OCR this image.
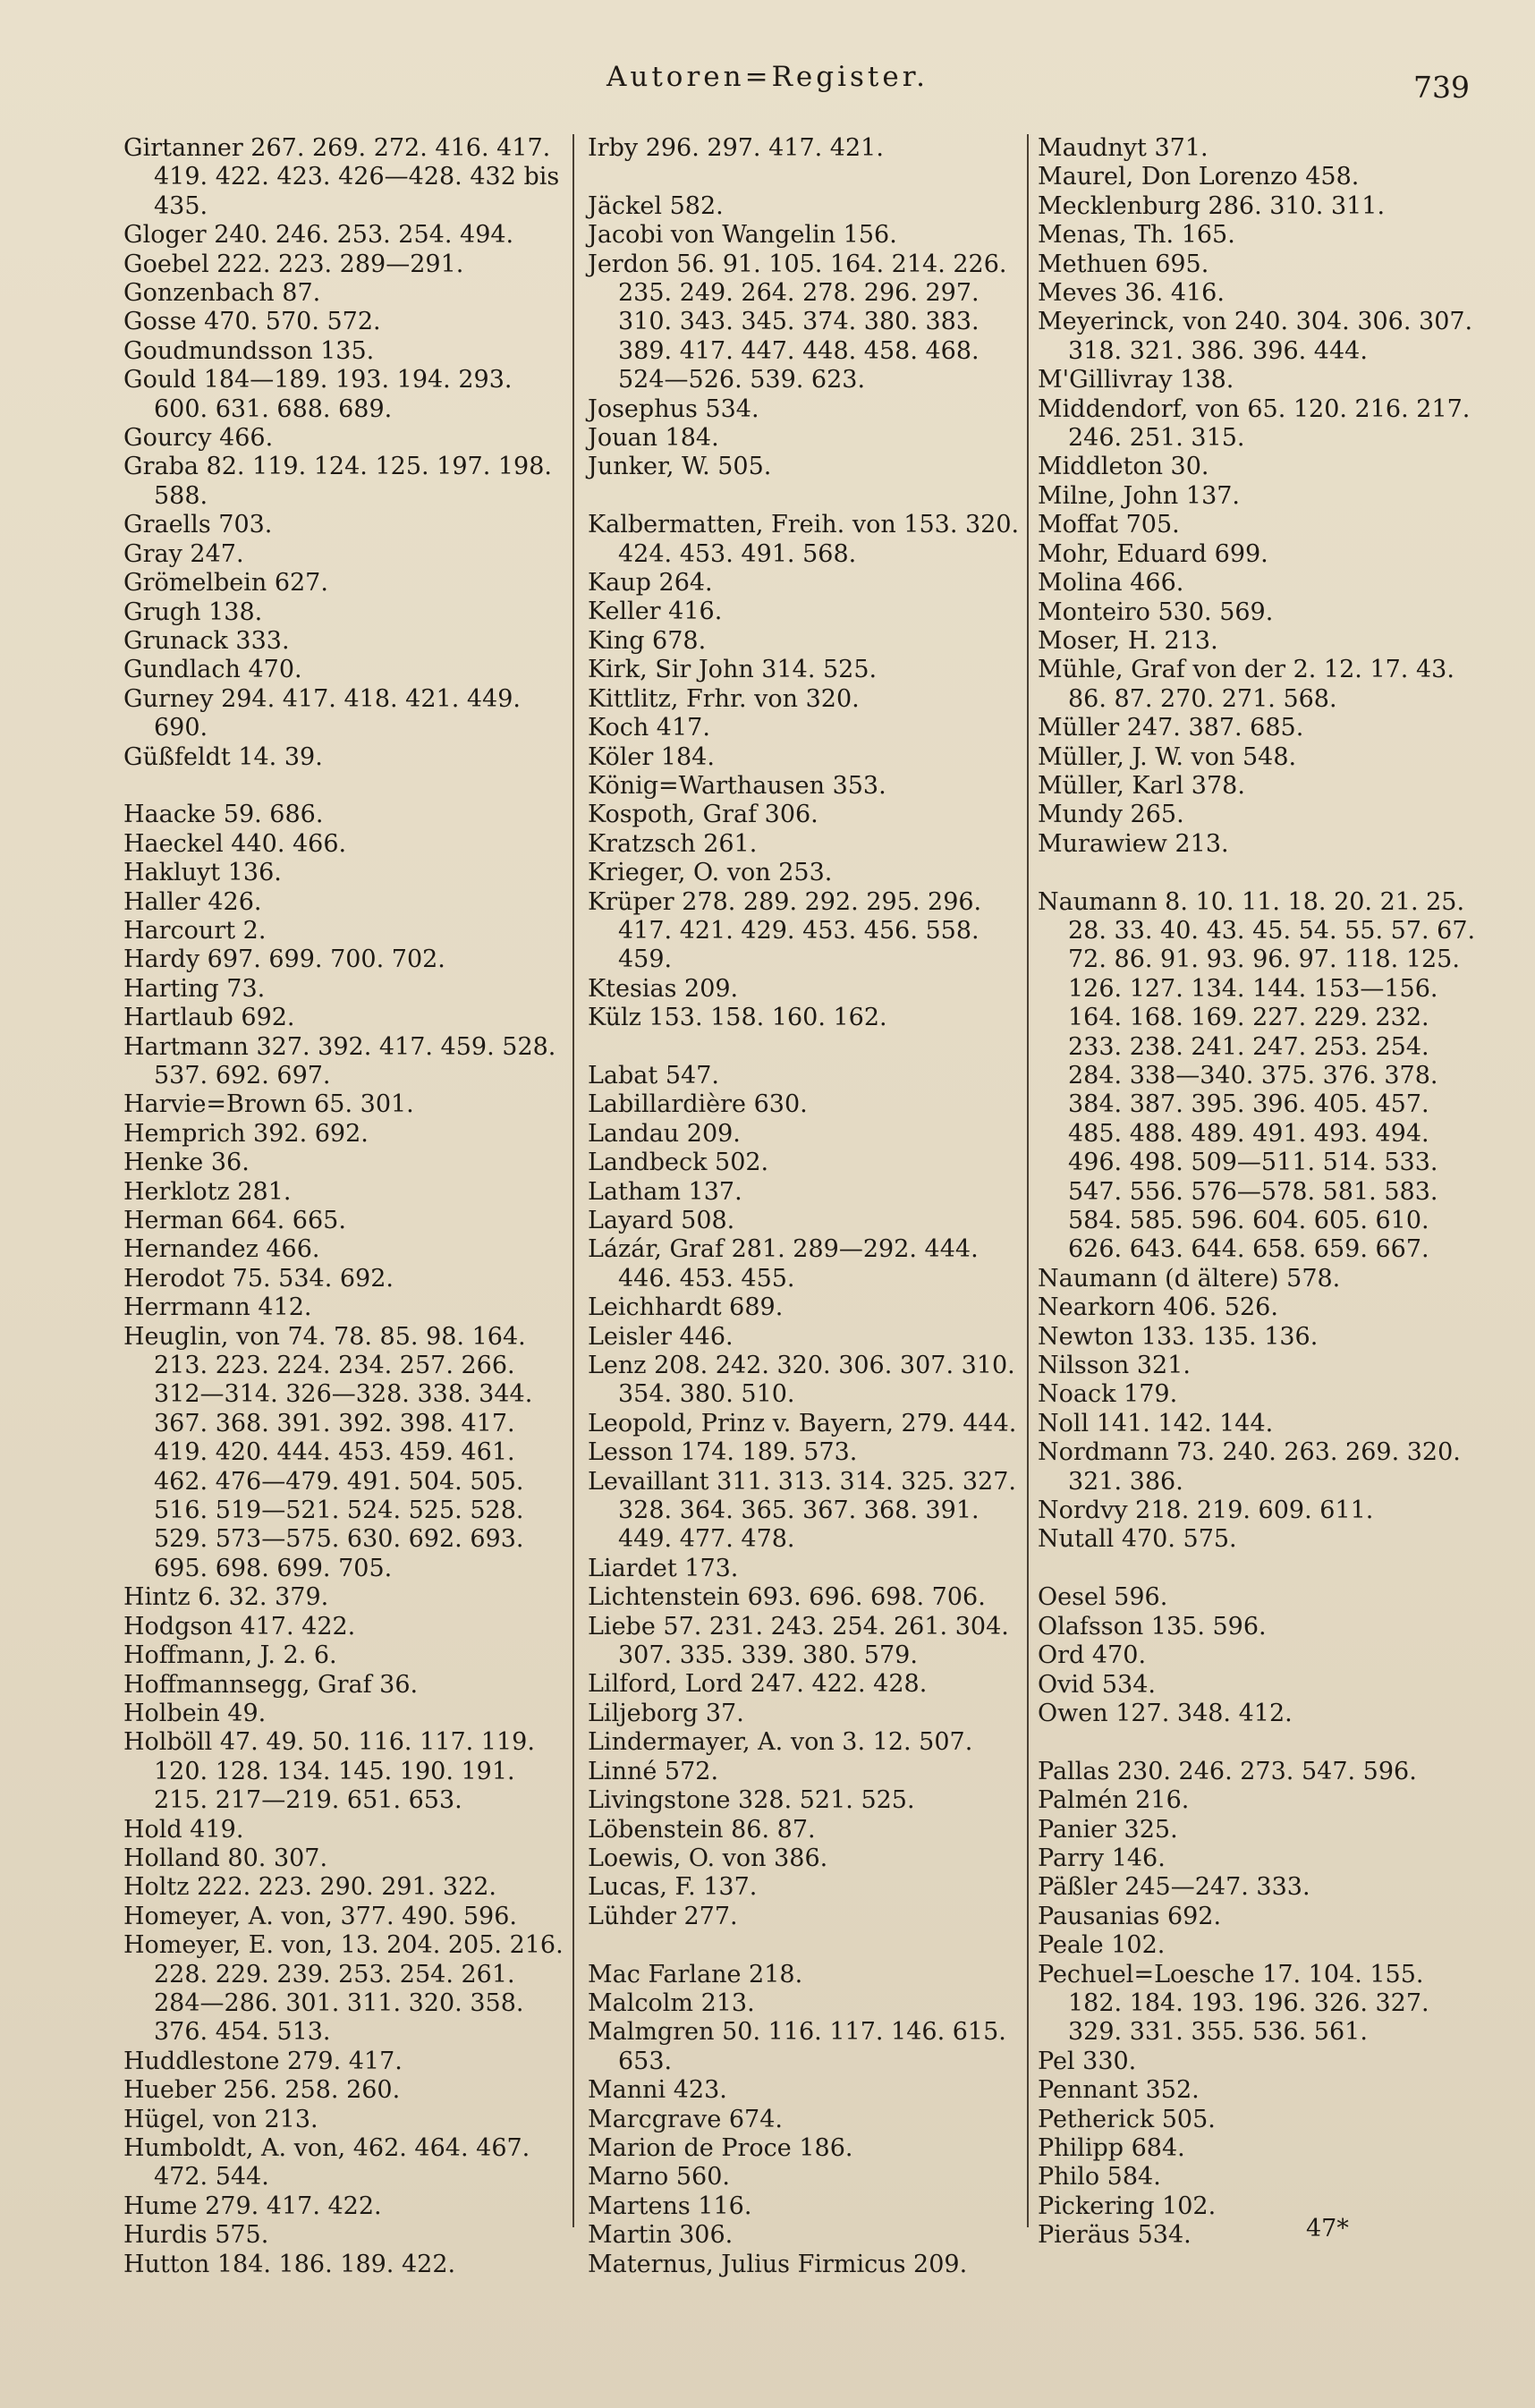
Autoren=Register.	739
Girtanner 267. 269. 272. 416. 417. 419. 422. 423. 426—428. 432 bis 435.
Gloger 240. 246. 253. 254. 494.
Goebel 222. 223. 289—291.
Gonzenbach 87.
Gosse 470. 570. 572.
Goudmundsson 135.
Gould 184—189. 193. 194. 293. 600. 631. 688. 689.
Gourcy 466.
Graba 82. 119. 124. 125. 197. 198. 588.
Graells 703.
Gray 247.
Grömelbein 627.
Grugh 138.
Grunack 333.
Gundlach 470.
Gurney 294. 417. 418. 421. 449. 690.
Güßfeldt 14. 39.
Haacke 59. 686.
Haeckel 440. 466.
Hakluyt 136.
Haller 426.
Harcourt 2.
Hardy 697. 699. 700. 702.
Harting 73.
Hartlaub 692.
Hartmann 327. 392. 417. 459. 528. 537. 692. 697.
Harvie=Brown 65. 301.
Hemprich 392. 692.
Henke 36.
Herklotz 281.
Herman 664. 665.
Hernandez 466.
Herodot 75. 534. 692.
Herrmann 412.
Heuglin, von 74. 78. 85. 98. 164. 213. 223. 224. 234. 257. 266. 312—314. 326—328. 338. 344. 367. 368. 391. 392. 398. 417. 419. 420. 444. 453. 459. 461. 462. 476—479. 491. 504. 505. 516. 519—521. 524. 525. 528. 529. 573—575. 630. 692. 693. 695. 698. 699. 705.
Hintz 6. 32. 379.
Hodgson 417. 422.
Hoffmann, J. 2. 6.
Hoffmannsegg, Graf 36.
Holbein 49.
Holböll 47. 49. 50. 116. 117. 119. 120. 128. 134. 145. 190. 191. 215. 217—219. 651. 653.
Hold 419.
Holland 80. 307.
Holtz 222. 223. 290. 291. 322.
Homeyer, A. von, 377. 490. 596.
Homeyer, E. von, 13. 204. 205. 216. 228. 229. 239. 253. 254. 261. 284—286. 301. 311. 320. 358. 376. 454. 513.
Huddlestone 279. 417.
Hueber 256. 258. 260.
Hügel, von 213.
Humboldt, A. von, 462. 464. 467. 472. 544.
Hume 279. 417. 422.
Hurdis 575.
Hutton 184. 186. 189. 422.
Irby 296. 297. 417. 421.
Jäckel 582.
Jacobi von Wangelin 156.
Jerdon 56. 91. 105. 164. 214. 226. 235. 249. 264. 278. 296. 297. 310. 343. 345. 374. 380. 383. 389. 417. 447. 448. 458. 468. 524—526. 539. 623.
Josephus 534.
Jouan 184.
Junker, W. 505.
Kalbermatten, Freih. von 153. 320. 424. 453. 491. 568.
Kaup 264.
Keller 416.
King 678.
Kirk, Sir John 314. 525.
Kittlitz, Frhr. von 320.
Koch 417.
Köler 184.
König=Warthausen 353.
Kospoth, Graf 306.
Kratzsch 261.
Krieger, O. von 253.
Krüper 278. 289. 292. 295. 296. 417. 421. 429. 453. 456. 558. 459.
Ktesias 209.
Külz 153. 158. 160. 162.
Labat 547.
Labillardière 630.
Landau 209.
Landbeck 502.
Latham 137.
Layard 508.
Lázár, Graf 281. 289—292. 444. 446. 453. 455.
Leichhardt 689.
Leisler 446.
Lenz 208. 242. 320. 306. 307. 310. 354. 380. 510.
Leopold, Prinz v. Bayern, 279. 444.
Lesson 174. 189. 573.
Levaillant 311. 313. 314. 325. 327. 328. 364. 365. 367. 368. 391. 449. 477. 478.
Liardet 173.
Lichtenstein 693. 696. 698. 706.
Liebe 57. 231. 243. 254. 261. 304. 307. 335. 339. 380. 579.
Lilford, Lord 247. 422. 428.
Liljeborg 37.
Lindermayer, A. von 3. 12. 507.
Linné 572.
Livingstone 328. 521. 525.
Löbenstein 86. 87.
Loewis, O. von 386.
Lucas, F. 137.
Lühder 277.
Mac Farlane 218.
Malcolm 213.
Malmgren 50. 116. 117. 146. 615. 653.
Manni 423.
Marcgrave 674.
Marion de Proce 186.
Marno 560.
Martens 116.
Martin 306.
Maternus, Julius Firmicus 209.
Maudnyt 371.
Maurel, Don Lorenzo 458.
Mecklenburg 286. 310. 311.
Menas, Th. 165.
Methuen 695.
Meves 36. 416.
Meyerinck, von 240. 304. 306. 307. 318. 321. 386. 396. 444.
M'Gillivray 138.
Middendorf, von 65. 120. 216. 217. 246. 251. 315.
Middleton 30.
Milne, John 137.
Moffat 705.
Mohr, Eduard 699.
Molina 466.
Monteiro 530. 569.
Moser, H. 213.
Mühle, Graf von der 2. 12. 17. 43. 86. 87. 270. 271. 568.
Müller 247. 387. 685.
Müller, J. W. von 548.
Müller, Karl 378.
Mundy 265.
Murawiew 213.
Naumann 8. 10. 11. 18. 20. 21. 25. 28. 33. 40. 43. 45. 54. 55. 57. 67. 72. 86. 91. 93. 96. 97. 118. 125. 126. 127. 134. 144. 153—156. 164. 168. 169. 227. 229. 232. 233. 238. 241. 247. 253. 254. 284. 338—340. 375. 376. 378. 384. 387. 395. 396. 405. 457. 485. 488. 489. 491. 493. 494. 496. 498. 509—511. 514. 533. 547. 556. 576—578. 581. 583. 584. 585. 596. 604. 605. 610. 626. 643. 644. 658. 659. 667.
Naumann (d ältere) 578.
Nearkorn 406. 526.
Newton 133. 135. 136.
Nilsson 321.
Noack 179.
Noll 141. 142. 144.
Nordmann 73. 240. 263. 269. 320. 321. 386.
Nordvy 218. 219. 609. 611.
Nutall 470. 575.
Oesel 596.
Olafsson 135. 596.
Ord 470.
Ovid 534.
Owen 127. 348. 412.
Pallas 230. 246. 273. 547. 596.
Palmén 216.
Panier 325.
Parry 146.
Päßler 245—247. 333.
Pausanias 692.
Peale 102.
Pechuel=Loesche 17. 104. 155. 182. 184. 193. 196. 326. 327. 329. 331. 355. 536. 561.
Pel 330.
Pennant 352.
Petherick 505.
Philipp 684.
Philo 584.
Pickering 102.
Pieräus 534.	47*
